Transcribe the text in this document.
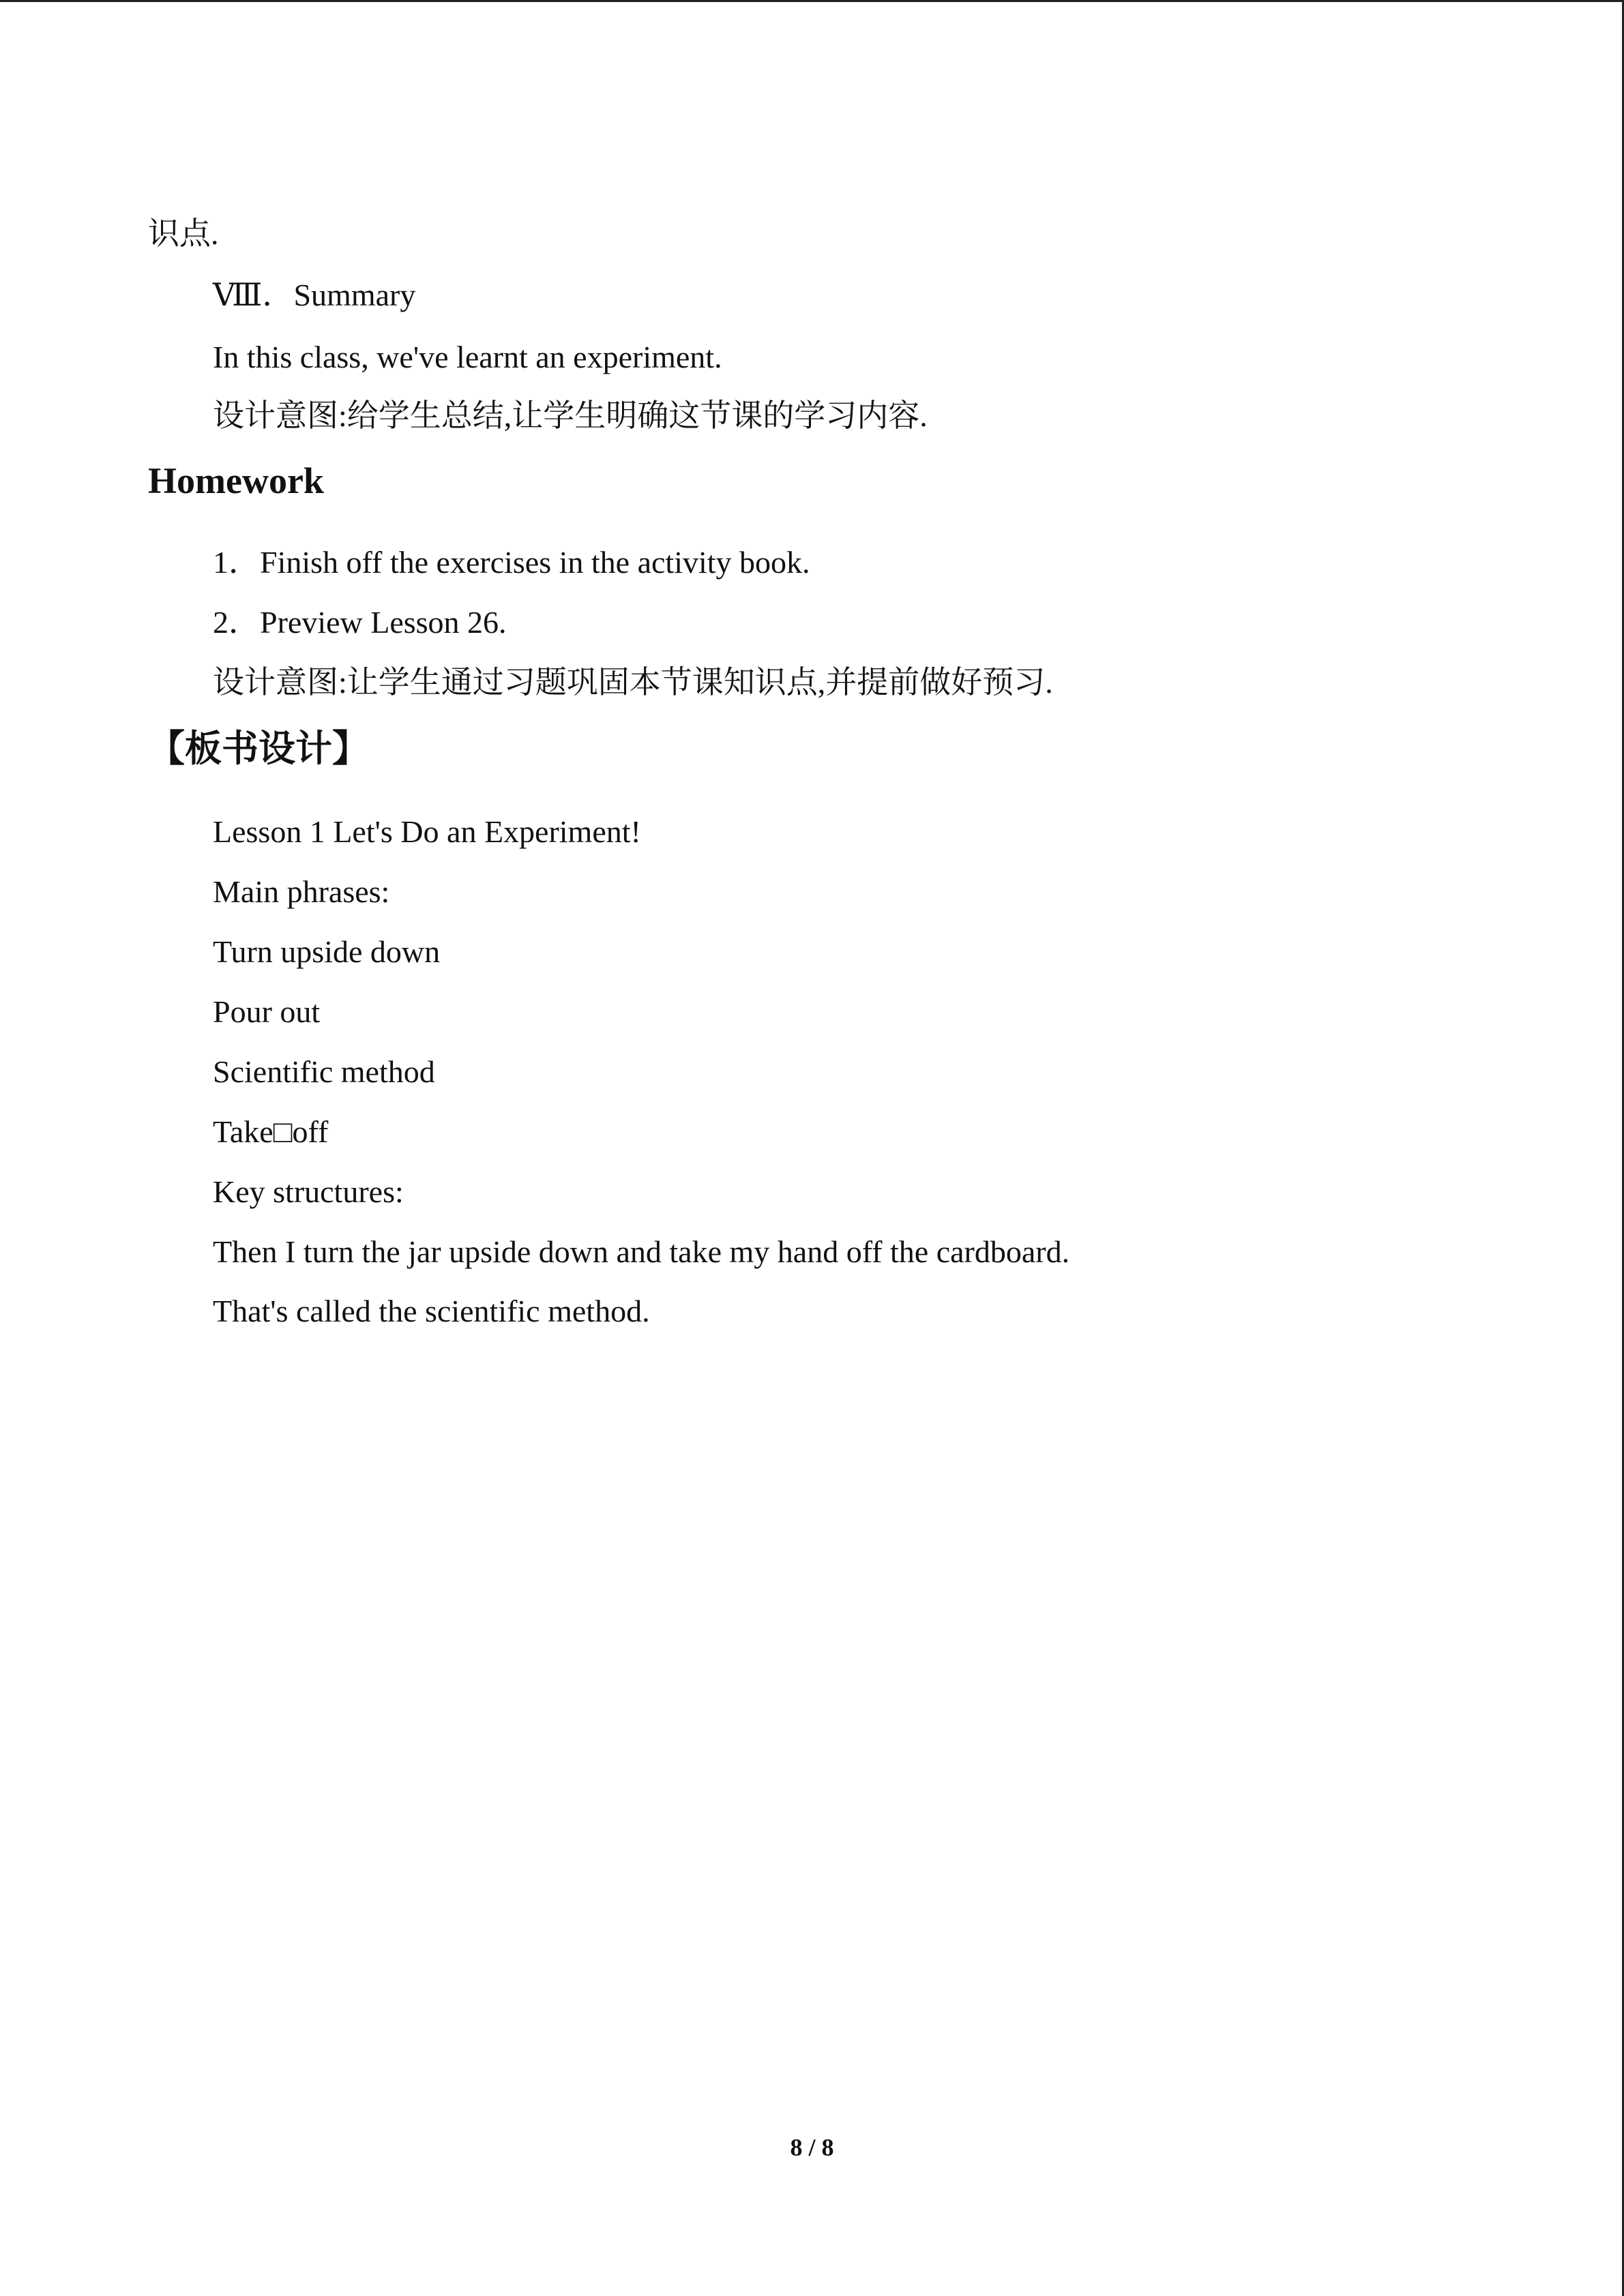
识点.
Ⅷ．Summary
In this class, we've learnt an experiment.
设计意图:给学生总结,让学生明确这节课的学习内容.
Homework
1．Finish off the exercises in the activity book.
2．Preview Lesson 26.
设计意图:让学生通过习题巩固本节课知识点,并提前做好预习.
【板书设计】
Lesson 1 Let's Do an Experiment!
Main phrases:
Turn upside down
Pour out
Scientific method
Take□off
Key structures:
Then I turn the jar upside down and take my hand off the cardboard.
That's called the scientific method.
8 / 8
